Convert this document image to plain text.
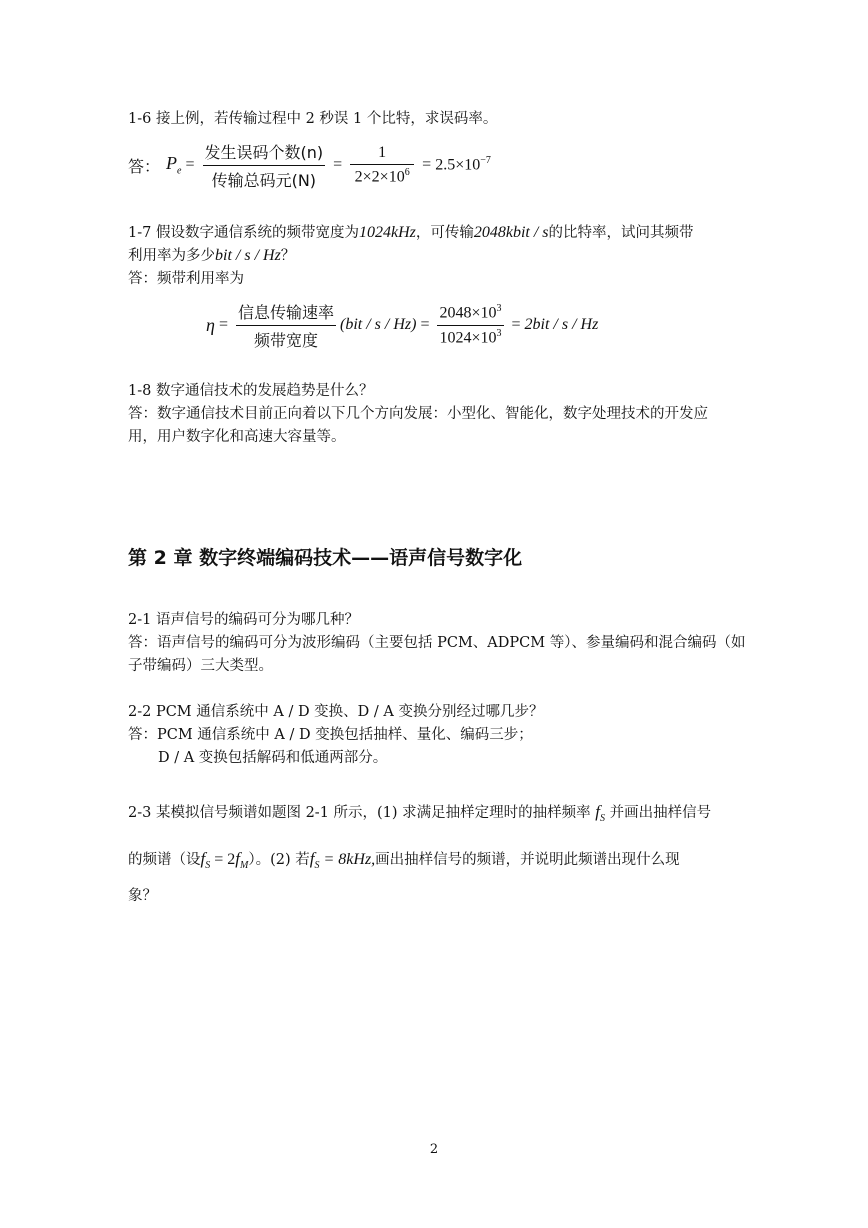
1-6 接上例，若传输过程中 2 秒误 1 个比特，求误码率。
答： $P_e = \frac{\text{发生误码个数(n)}}{\text{传输总码元(N)}} = \frac{1}{2\times 2\times 10^6} = 2.5\times 10^{-7}$
1-7 假设数字通信系统的频带宽度为1024kHz，可传输2048kbit / s的比特率，试问其频带
利用率为多少bit / s / Hz？
答：频带利用率为
$\eta = \frac{\text{信息传输速率}}{\text{频带宽度}} (bit / s / Hz) = \frac{2048\times 10^3}{1024\times 10^3} = 2bit / s / Hz$
1-8 数字通信技术的发展趋势是什么？
答：数字通信技术目前正向着以下几个方向发展：小型化、智能化，数字处理技术的开发应
用，用户数字化和高速大容量等。
第 2 章 数字终端编码技术——语声信号数字化
2-1 语声信号的编码可分为哪几种？
答：语声信号的编码可分为波形编码（主要包括 PCM、ADPCM 等）、参量编码和混合编码（如
子带编码）三大类型。
2-2 PCM 通信系统中 A / D 变换、D / A 变换分别经过哪几步？
答：PCM 通信系统中 A / D 变换包括抽样、量化、编码三步；
D / A 变换包括解码和低通两部分。
2-3 某模拟信号频谱如题图 2-1 所示，(1) 求满足抽样定理时的抽样频率 $f_S$ 并画出抽样信号
的频谱（设$f_S = 2f_M$）。(2) 若$f_S = 8kHz$,画出抽样信号的频谱，并说明此频谱出现什么现
象？
2
